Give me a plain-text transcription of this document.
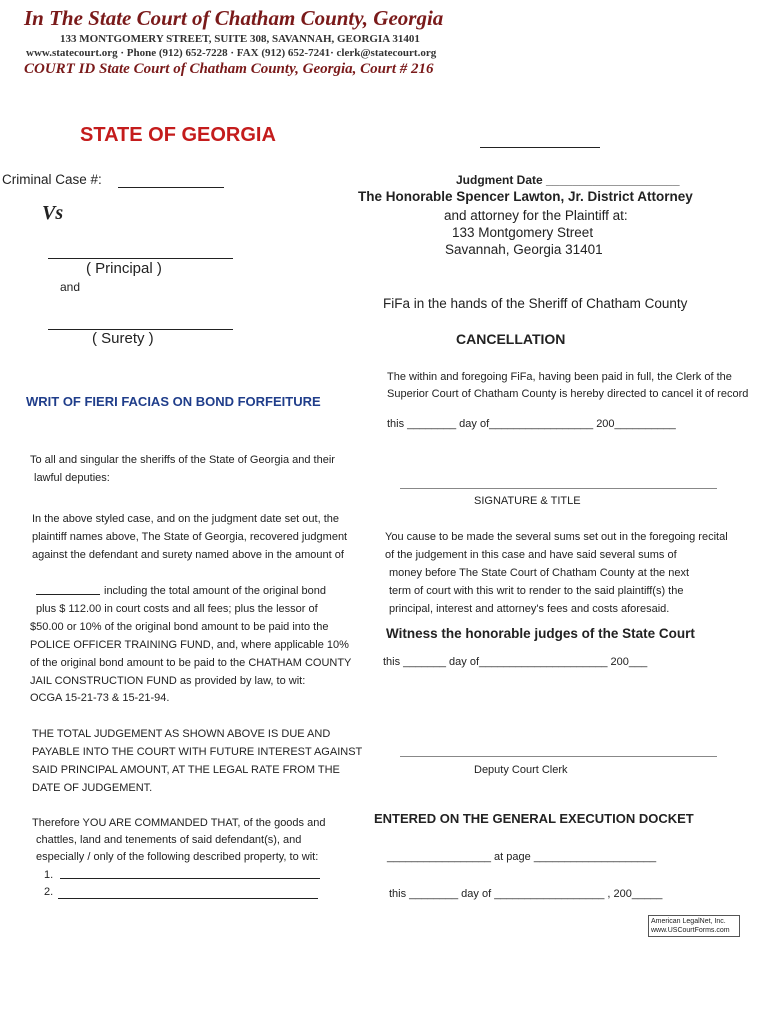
In The State Court of Chatham County, Georgia
133 MONTGOMERY STREET, SUITE 308, SAVANNAH, GEORGIA 31401
www.statecourt.org · Phone (912) 652-7228 · FAX (912) 652-7241· clerk@statecourt.org
COURT ID State Court of Chatham County, Georgia, Court # 216
STATE OF GEORGIA
Criminal Case #:
Vs
( Principal )
and
( Surety )
WRIT OF FIERI FACIAS ON BOND FORFEITURE
To all and singular the sheriffs of the State of Georgia and their
lawful deputies:
In the above styled case, and on the judgment date set out, the
plaintiff names above, The State of Georgia, recovered judgment
against the defendant and surety named above in the amount of
including the total amount of the original bond
plus $ 112.00 in court costs and all fees; plus the lessor of
$50.00 or 10% of the original bond amount to be paid into the
POLICE OFFICER TRAINING FUND, and, where applicable 10%
of the original bond amount to be paid to the CHATHAM COUNTY
JAIL CONSTRUCTION FUND as provided by law, to wit:
OCGA 15-21-73 & 15-21-94.
THE TOTAL JUDGEMENT AS SHOWN ABOVE IS DUE AND
PAYABLE INTO THE COURT WITH FUTURE INTEREST AGAINST
SAID PRINCIPAL AMOUNT, AT THE LEGAL RATE FROM THE
DATE OF JUDGEMENT.
Therefore YOU ARE COMMANDED THAT, of the goods and
chattles, land and tenements of said defendant(s), and
especially / only of the following described property, to wit:
1.
2.
Judgment Date ____________________
The Honorable Spencer Lawton, Jr. District Attorney
and attorney for the Plaintiff at:
133 Montgomery Street
Savannah, Georgia 31401
FiFa in the hands of the Sheriff of Chatham County
CANCELLATION
The within and foregoing FiFa, having been paid in full, the Clerk of the
Superior Court of Chatham County is hereby directed to cancel it of record
this ________ day of_________________ 200__________
SIGNATURE & TITLE
You cause to be made the several sums set out in the foregoing recital
of the judgement in this case and have said several sums of
money before The State Court of Chatham County at the next
term of court with this writ to render to the said plaintiff(s) the
principal, interest and attorney's fees and costs aforesaid.
Witness the honorable judges of the State Court
this _______ day of_____________________ 200___
Deputy Court Clerk
ENTERED ON THE GENERAL EXECUTION DOCKET
_________________ at page ____________________
this ________ day of __________________ , 200_____
American LegalNet, Inc.
www.USCourtForms.com
